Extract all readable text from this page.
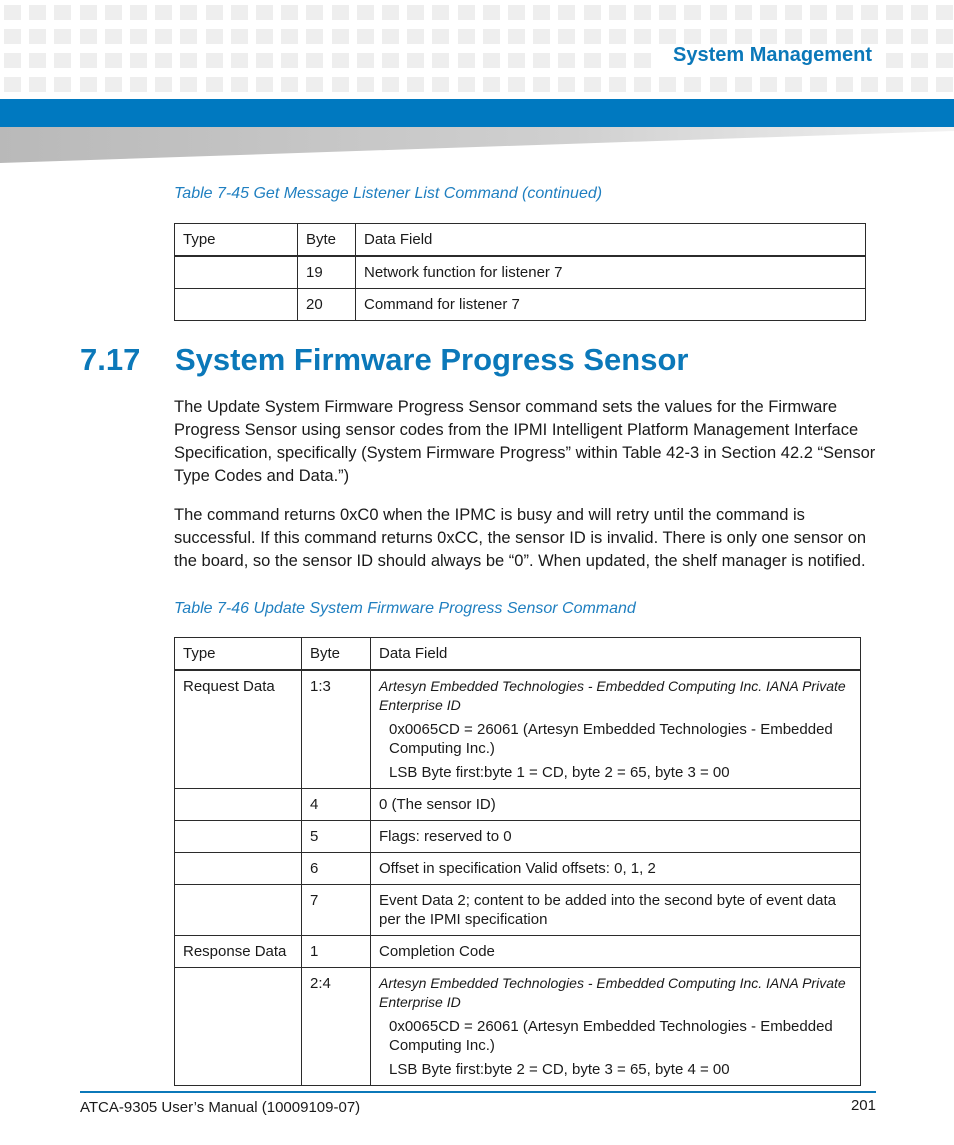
System Management
Table 7-45 Get Message Listener List Command (continued)
Type	Byte	Data Field
	19	Network function for listener 7
	20	Command for listener 7
7.17 System Firmware Progress Sensor

The Update System Firmware Progress Sensor command sets the values for the Firmware Progress Sensor using sensor codes from the IPMI Intelligent Platform Management Interface Specification, specifically (System Firmware Progress” within Table 42-3 in Section 42.2 “Sensor Type Codes and Data.”)

The command returns 0xC0 when the IPMC is busy and will retry until the command is successful. If this command returns 0xCC, the sensor ID is invalid. There is only one sensor on the board, so the sensor ID should always be “0”. When updated, the shelf manager is notified.

Table 7-46 Update System Firmware Progress Sensor Command
Type	Byte	Data Field
Request Data	1:3	Artesyn Embedded Technologies - Embedded Computing Inc. IANA Private Enterprise ID
0x0065CD = 26061 (Artesyn Embedded Technologies - Embedded Computing Inc.)
LSB Byte first:byte 1 = CD, byte 2 = 65, byte 3 = 00

	4	0 (The sensor ID)
	5	Flags: reserved to 0
	6	Offset in specification Valid offsets: 0, 1, 2
	7	Event Data 2; content to be added into the second byte of event data per the IPMI specification
Response Data	1	Completion Code
	2:4	Artesyn Embedded Technologies - Embedded Computing Inc. IANA Private Enterprise ID
0x0065CD = 26061 (Artesyn Embedded Technologies - Embedded Computing Inc.)
LSB Byte first:byte 2 = CD, byte 3 = 65, byte 4 = 00
ATCA-9305 User’s Manual (10009109-07)	201
